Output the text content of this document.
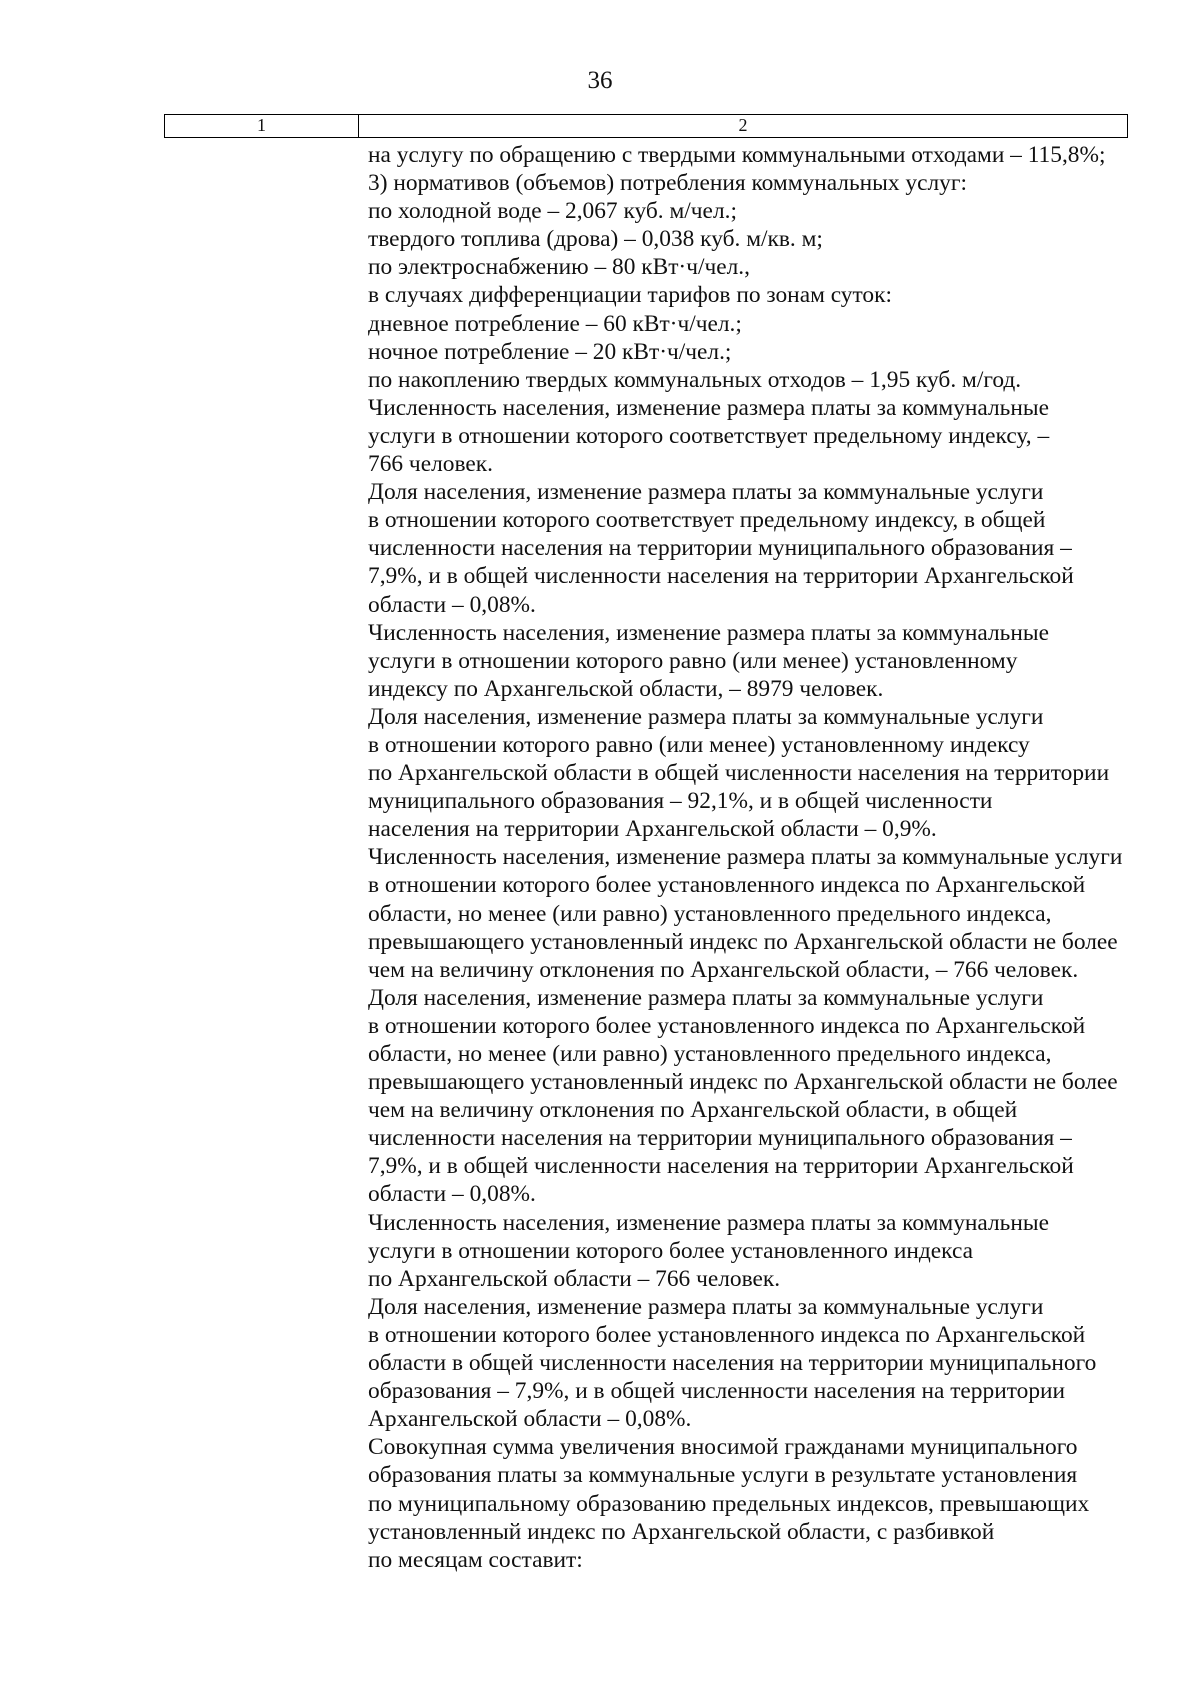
36
1	2
на услугу по обращению с твердыми коммунальными отходами – 115,8%;
3) нормативов (объемов) потребления коммунальных услуг:
по холодной воде – 2,067 куб. м/чел.;
твердого топлива (дрова) – 0,038 куб. м/кв. м;
по электроснабжению – 80 кВт·ч/чел.,
в случаях дифференциации тарифов по зонам суток:
дневное потребление – 60 кВт·ч/чел.;
ночное потребление – 20 кВт·ч/чел.;
по накоплению твердых коммунальных отходов – 1,95 куб. м/год.
Численность населения, изменение размера платы за коммунальные
услуги в отношении которого соответствует предельному индексу, –
766 человек.
Доля населения, изменение размера платы за коммунальные услуги
в отношении которого соответствует предельному индексу, в общей
численности населения на территории муниципального образования –
7,9%, и в общей численности населения на территории Архангельской
области – 0,08%.
Численность населения, изменение размера платы за коммунальные
услуги в отношении которого равно (или менее) установленному
индексу по Архангельской области, – 8979 человек.
Доля населения, изменение размера платы за коммунальные услуги
в отношении которого равно (или менее) установленному индексу
по Архангельской области в общей численности населения на территории
муниципального образования – 92,1%, и в общей численности
населения на территории Архангельской области – 0,9%.
Численность населения, изменение размера платы за коммунальные услуги
в отношении которого более установленного индекса по Архангельской
области, но менее (или равно) установленного предельного индекса,
превышающего установленный индекс по Архангельской области не более
чем на величину отклонения по Архангельской области, – 766 человек.
Доля населения, изменение размера платы за коммунальные услуги
в отношении которого более установленного индекса по Архангельской
области, но менее (или равно) установленного предельного индекса,
превышающего установленный индекс по Архангельской области не более
чем на величину отклонения по Архангельской области, в общей
численности населения на территории муниципального образования –
7,9%, и в общей численности населения на территории Архангельской
области – 0,08%.
Численность населения, изменение размера платы за коммунальные
услуги в отношении которого более установленного индекса
по Архангельской области – 766 человек.
Доля населения, изменение размера платы за коммунальные услуги
в отношении которого более установленного индекса по Архангельской
области в общей численности населения на территории муниципального
образования – 7,9%, и в общей численности населения на территории
Архангельской области – 0,08%.
Совокупная сумма увеличения вносимой гражданами муниципального
образования платы за коммунальные услуги в результате установления
по муниципальному образованию предельных индексов, превышающих
установленный индекс по Архангельской области, с разбивкой
по месяцам составит:
